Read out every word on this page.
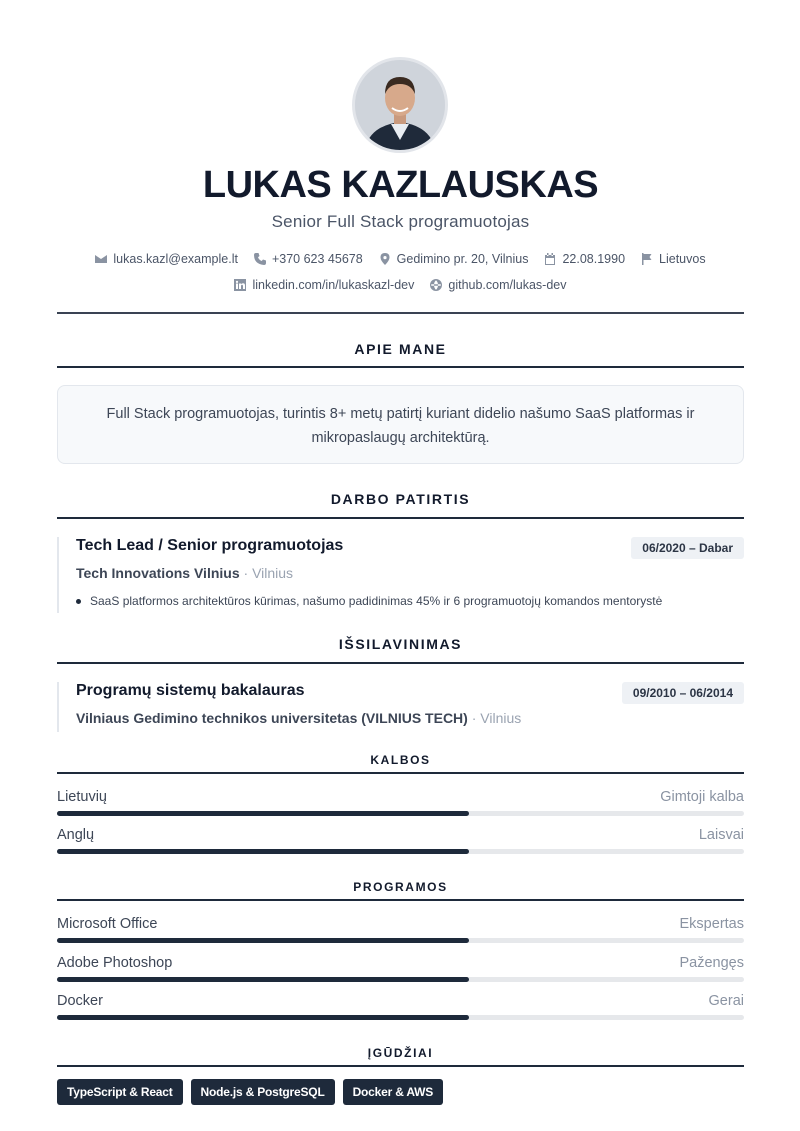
LUKAS KAZLAUSKAS
Senior Full Stack programuotojas
lukas.kazl@example.lt	+370 623 45678	Gedimino pr. 20, Vilnius	22.08.1990	Lietuvos

linkedin.com/in/lukaskazl-dev	github.com/lukas-dev
APIE MANE
Full Stack programuotojas, turintis 8+ metų patirtį kuriant didelio našumo SaaS platformas ir mikropaslaugų architektūrą.
DARBO PATIRTIS
Tech Lead / Senior programuotojas	06/2020 – Dabar
Tech Innovations Vilnius · Vilnius
SaaS platformos architektūros kūrimas, našumo padidinimas 45% ir 6 programuotojų komandos mentorystė
IŠSILAVINIMAS
Programų sistemų bakalauras	09/2010 – 06/2014
Vilniaus Gedimino technikos universitetas (VILNIUS TECH) · Vilnius
KALBOS
Lietuvių	Gimtoji kalba
Anglų	Laisvai
PROGRAMOS
Microsoft Office	Ekspertas
Adobe Photoshop	Pažengęs
Docker	Gerai
ĮGŪDŽIAI
TypeScript & React	Node.js & PostgreSQL	Docker & AWS
